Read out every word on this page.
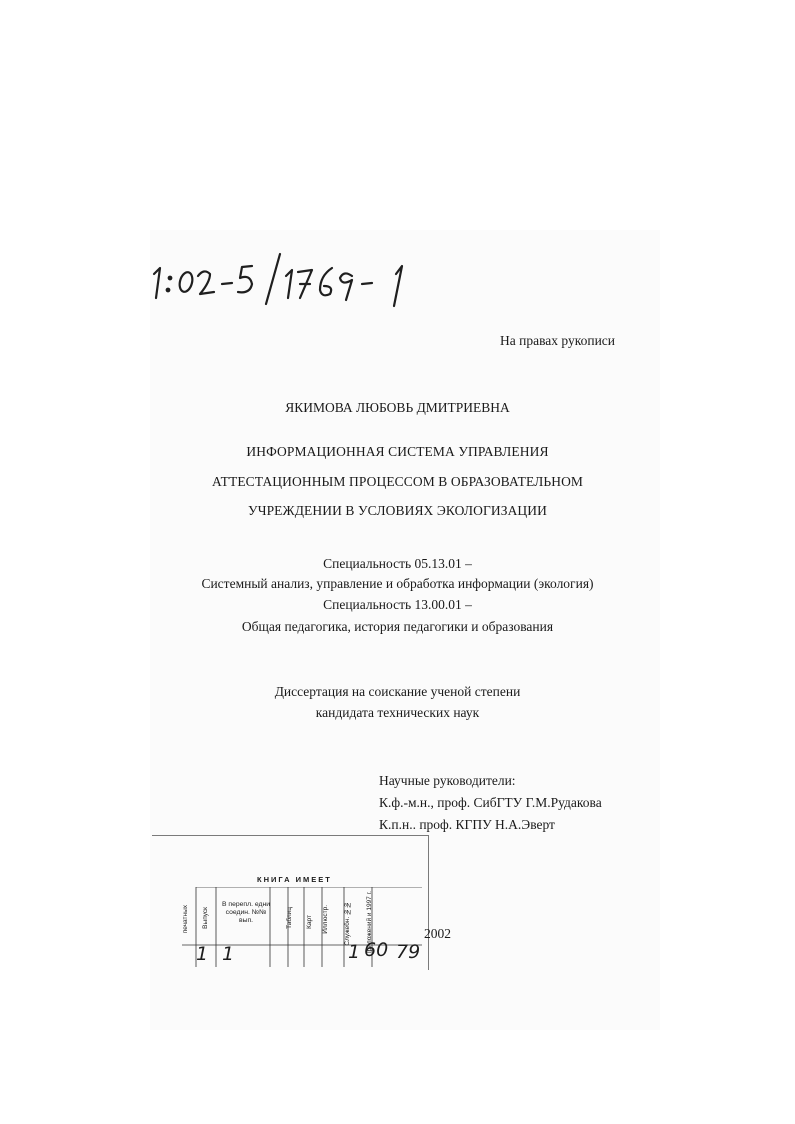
На правах рукописи
ЯКИМОВА ЛЮБОВЬ ДМИТРИЕВНА
ИНФОРМАЦИОННАЯ СИСТЕМА УПРАВЛЕНИЯ
АТТЕСТАЦИОННЫМ ПРОЦЕССОМ В ОБРАЗОВАТЕЛЬНОМ
УЧРЕЖДЕНИИ В УСЛОВИЯХ ЭКОЛОГИЗАЦИИ
Специальность 05.13.01 –
Системный анализ, управление и обработка информации (экология)
Специальность 13.00.01 –
Общая педагогика, история педагогики и образования
Диссертация на соискание ученой степени
кандидата технических наук
Научные руководители:
К.ф.-м.н., проф. СибГТУ Г.М.Рудакова
К.п.н.. проф. КГПУ Н.А.Эверт
КНИГА ИМЕЕТ
печатных Выпуск
В перепл. едни соедин. №№ вып.	Таблиц Карт Иллюстр. Служебн. №№ Приложений и 1997 г.
1 1	1 60 79
2002
